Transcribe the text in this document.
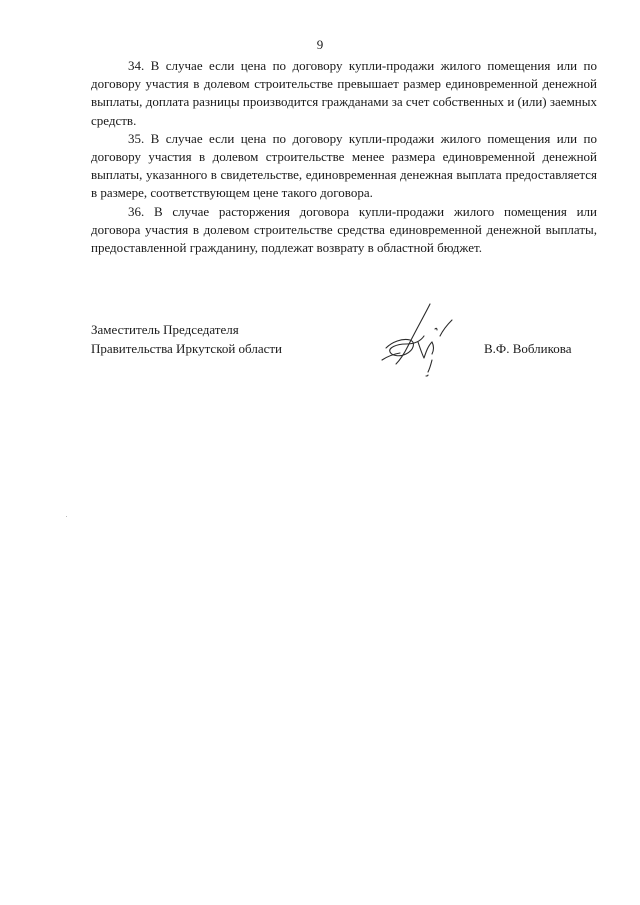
9

34. В случае если цена по договору купли-продажи жилого помещения или по договору участия в долевом строительстве превышает размер единовременной денежной выплаты, доплата разницы производится гражданами за счет собственных и (или) заемных средств.

35. В случае если цена по договору купли-продажи жилого помещения или по договору участия в долевом строительстве менее размера единовременной денежной выплаты, указанного в свидетельстве, единовременная денежная выплата предоставляется в размере, соответствующем цене такого договора.

36. В случае расторжения договора купли-продажи жилого помещения или договора участия в долевом строительстве средства единовременной денежной выплаты, предоставленной гражданину, подлежат возврату в областной бюджет.

Заместитель Председателя
Правительства Иркутской области	В.Ф. Вобликова
